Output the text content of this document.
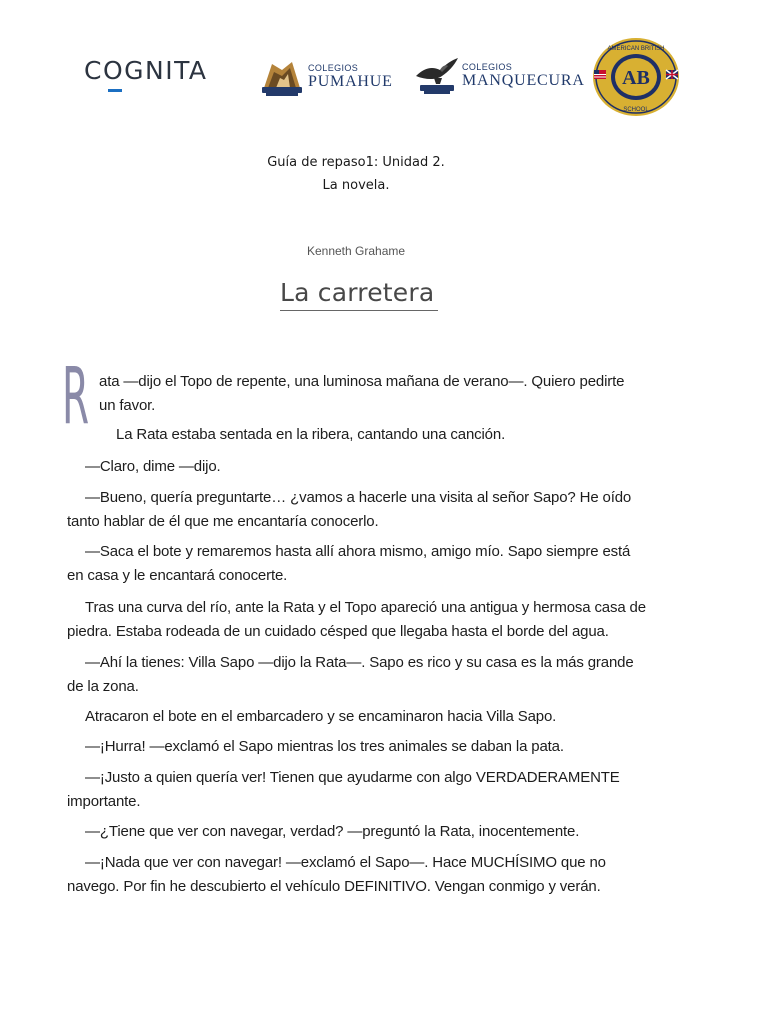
COGNITA	COLEGIOS
PUMAHUE
COLEGIOS
MANQUECURA AB
AMERICAN BRITISH
SCHOOL
Guía de repaso1: Unidad 2.
La novela.
Kenneth Grahame
La carretera
R ata —dijo el Topo de repente, una luminosa mañana de verano—. Quiero pedirte un favor.

La Rata estaba sentada en la ribera, cantando una canción.

—Claro, dime —dijo.

—Bueno, quería preguntarte… ¿vamos a hacerle una visita al señor Sapo? He oído tanto hablar de él que me encantaría conocerlo.

—Saca el bote y remaremos hasta allí ahora mismo, amigo mío. Sapo siempre está en casa y le encantará conocerte.

Tras una curva del río, ante la Rata y el Topo apareció una antigua y hermosa casa de piedra. Estaba rodeada de un cuidado césped que llegaba hasta el borde del agua.

—Ahí la tienes: Villa Sapo —dijo la Rata—. Sapo es rico y su casa es la más grande de la zona.

Atracaron el bote en el embarcadero y se encaminaron hacia Villa Sapo.

—¡Hurra! —exclamó el Sapo mientras los tres animales se daban la pata.

—¡Justo a quien quería ver! Tienen que ayudarme con algo VERDADERAMENTE importante.

—¿Tiene que ver con navegar, verdad? —preguntó la Rata, inocentemente.

—¡Nada que ver con navegar! —exclamó el Sapo—. Hace MUCHÍSIMO que no navego. Por fin he descubierto el vehículo DEFINITIVO. Vengan conmigo y verán.
